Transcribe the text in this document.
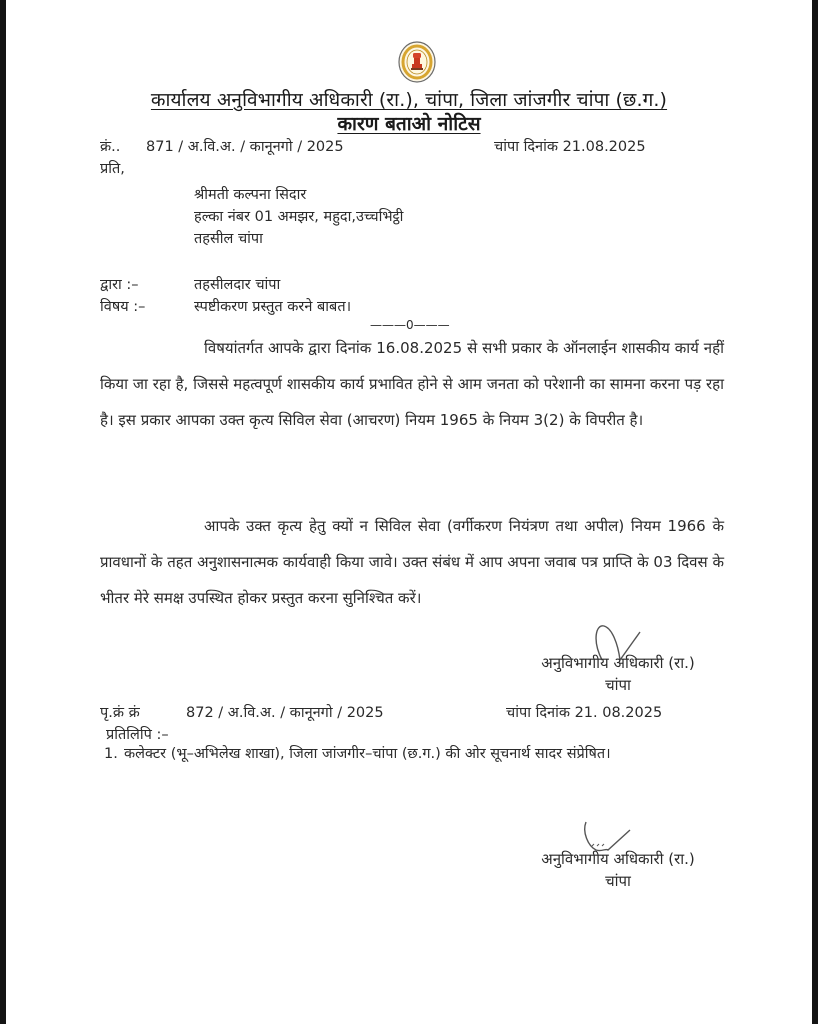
कार्यालय अनुविभागीय अधिकारी (रा.), चांपा, जिला जांजगीर चांपा (छ.ग.)
कारण बताओ नोटिस
क्रं.. 871 / अ.वि.अ. / कानूनगो / 2025	चांपा दिनांक 21.08.2025
प्रति,
श्रीमती कल्पना सिदार
हल्का नंबर 01 अमझर, महुदा,उच्चभिट्ठी
तहसील चांपा
द्वारा :–	तहसीलदार चांपा
विषय :–	स्पष्टीकरण प्रस्तुत करने बाबत।
———0———
विषयांतर्गत आपके द्वारा दिनांक 16.08.2025 से सभी प्रकार के ऑनलाईन शासकीय कार्य नहीं किया जा रहा है, जिससे महत्वपूर्ण शासकीय कार्य प्रभावित होने से आम जनता को परेशानी का सामना करना पड़ रहा है। इस प्रकार आपका उक्त कृत्य सिविल सेवा (आचरण) नियम 1965 के नियम 3(2) के विपरीत है।
आपके उक्त कृत्य हेतु क्यों न सिविल सेवा (वर्गीकरण नियंत्रण तथा अपील) नियम 1966 के प्रावधानों के तहत अनुशासनात्मक कार्यवाही किया जावे। उक्त संबंध में आप अपना जवाब पत्र प्राप्ति के 03 दिवस के भीतर मेरे समक्ष उपस्थित होकर प्रस्तुत करना सुनिश्चित करें।
अनुविभागीय अधिकारी (रा.)
चांपा
पृ.क्रं क्रं	872 / अ.वि.अ. / कानूनगो / 2025	चांपा दिनांक 21. 08.2025
प्रतिलिपि :–
1. कलेक्टर (भू–अभिलेख शाखा), जिला जांजगीर–चांपा (छ.ग.) की ओर सूचनार्थ सादर संप्रेषित।
अनुविभागीय अधिकारी (रा.)
चांपा
